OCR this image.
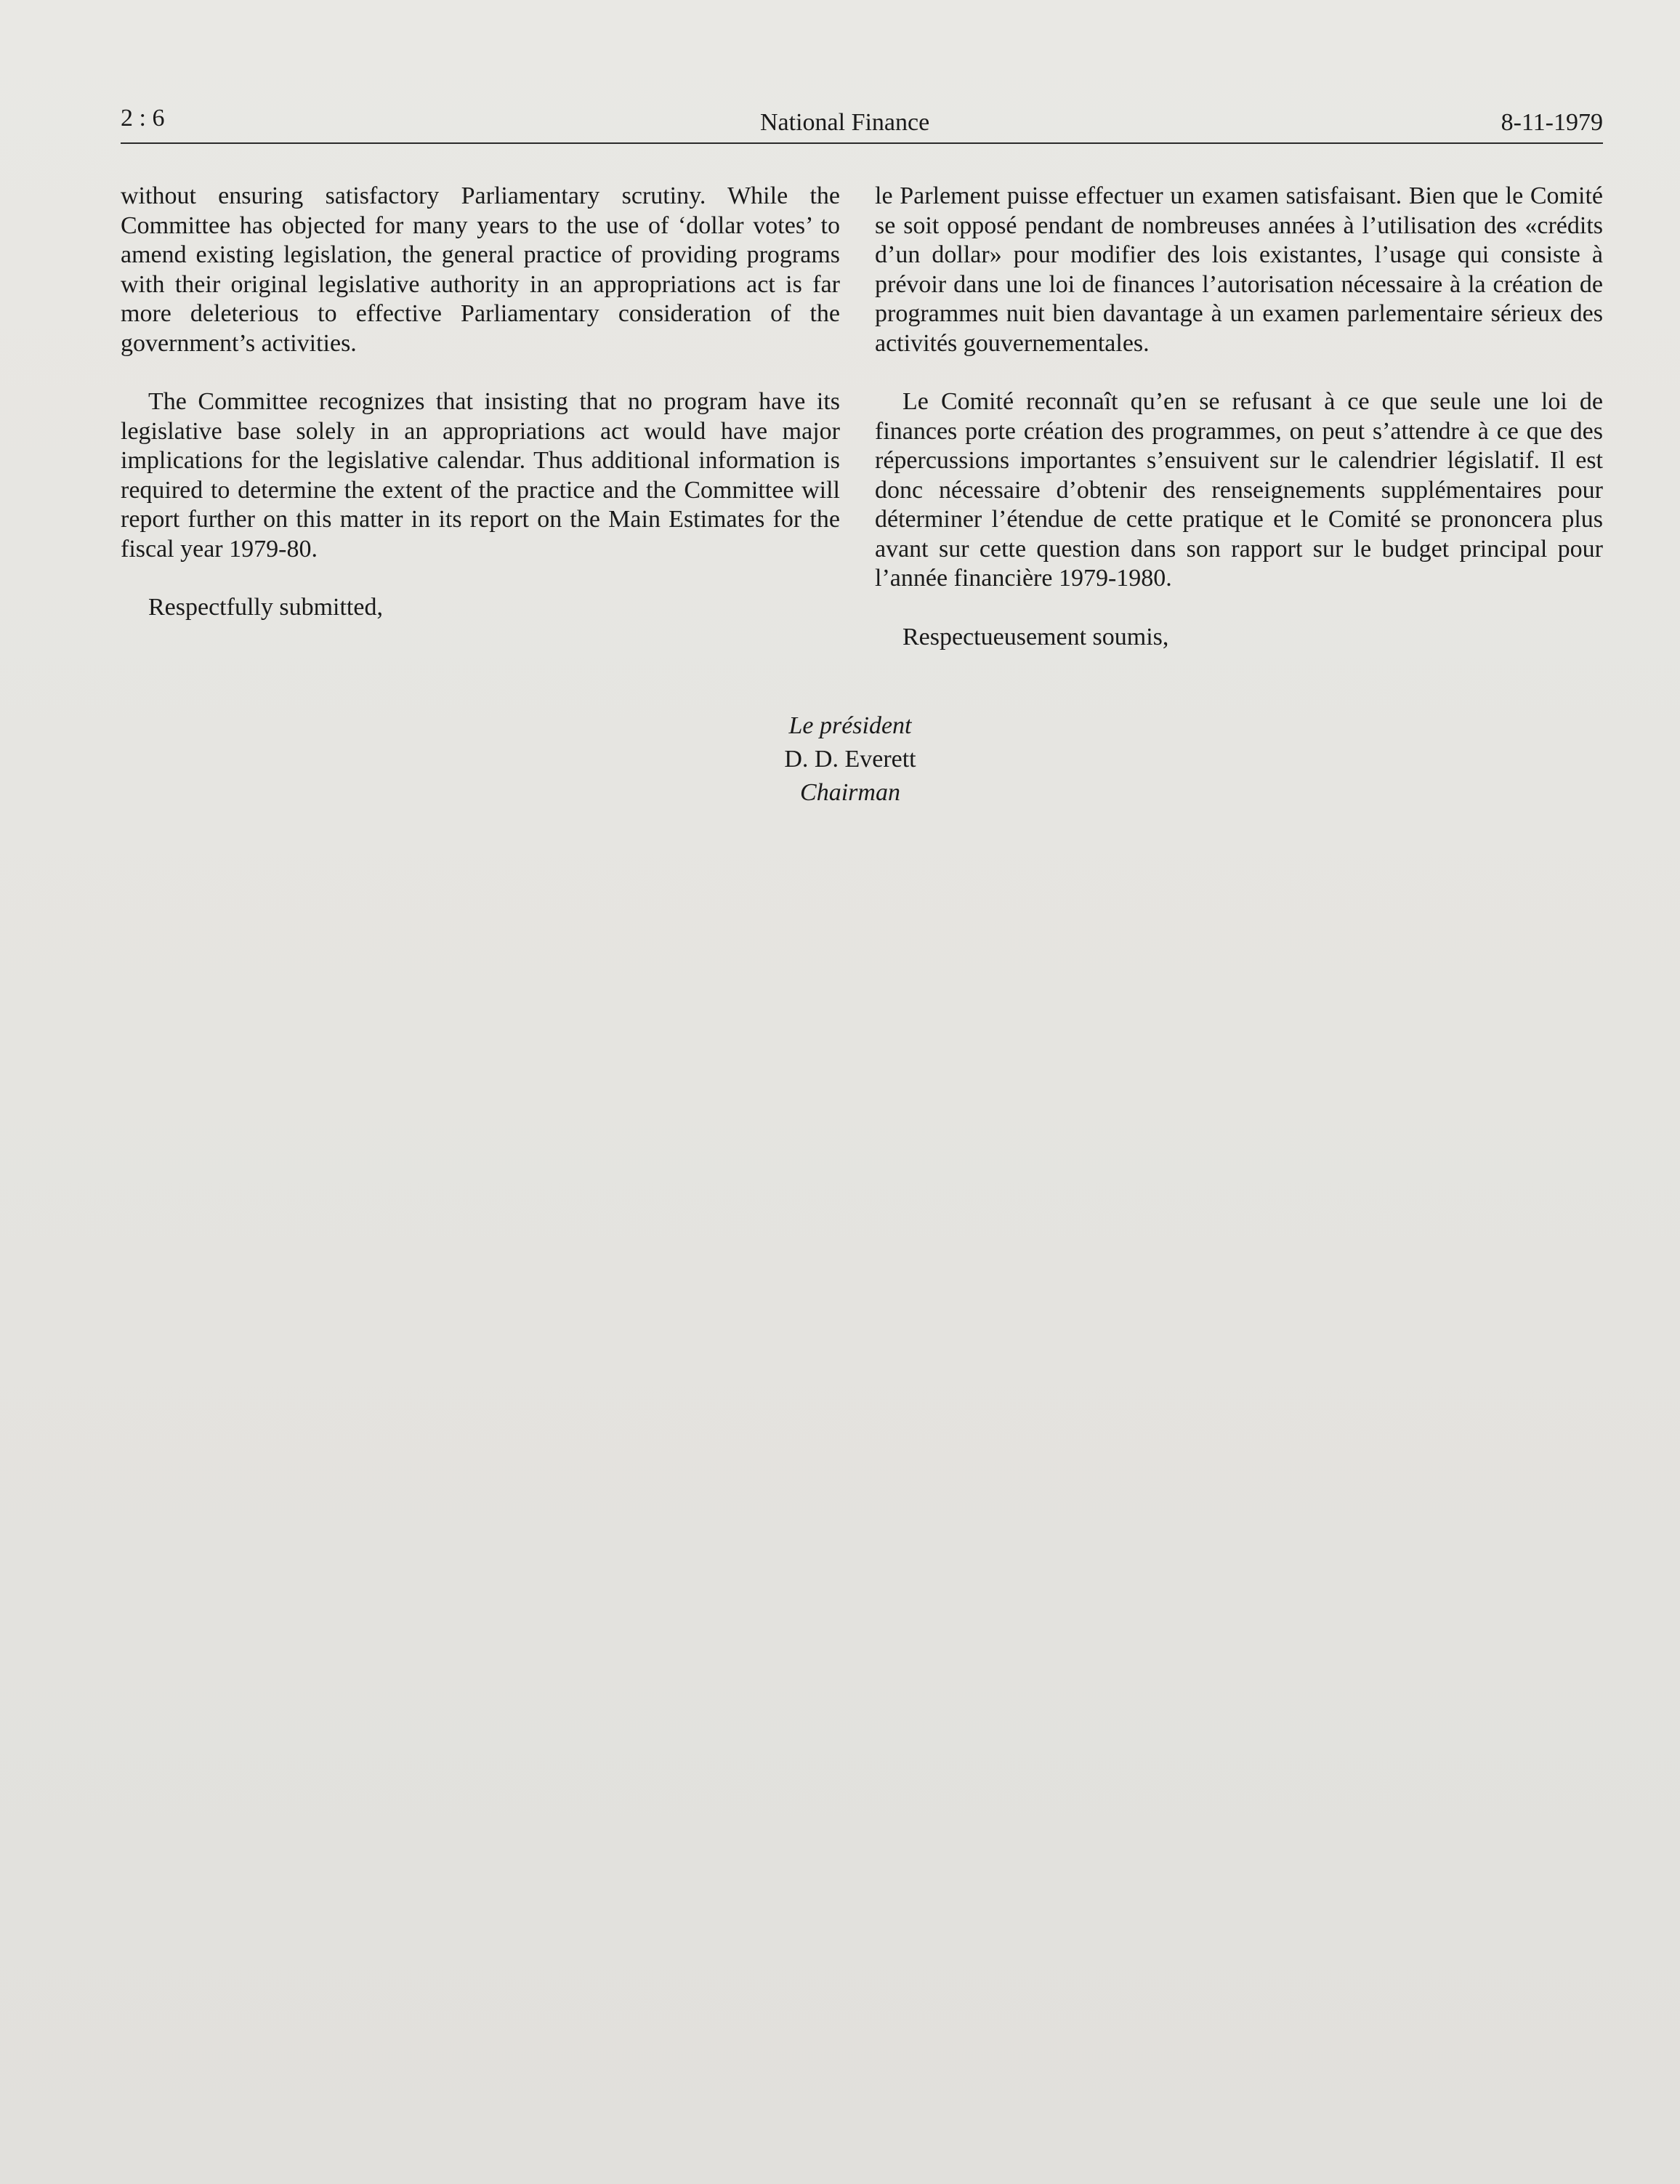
2 : 6	National Finance	8-11-1979

without ensuring satisfactory Parliamentary scrutiny. While the Committee has objected for many years to the use of ‘dollar votes’ to amend existing legislation, the general practice of providing programs with their original legislative authority in an appropriations act is far more deleterious to effective Parliamentary consideration of the government’s activities.

The Committee recognizes that insisting that no program have its legislative base solely in an appropriations act would have major implications for the legislative calendar. Thus additional information is required to determine the extent of the practice and the Committee will report further on this matter in its report on the Main Estimates for the fiscal year 1979-80.

Respectfully submitted,

le Parlement puisse effectuer un examen satisfaisant. Bien que le Comité se soit opposé pendant de nombreuses années à l’utilisation des «crédits d’un dollar» pour modifier des lois existantes, l’usage qui consiste à prévoir dans une loi de finances l’autorisation nécessaire à la création de programmes nuit bien davantage à un examen parlementaire sérieux des activités gouvernementales.

Le Comité reconnaît qu’en se refusant à ce que seule une loi de finances porte création des programmes, on peut s’attendre à ce que des répercussions importantes s’ensuivent sur le calendrier législatif. Il est donc nécessaire d’obtenir des renseignements supplémentaires pour déterminer l’étendue de cette pratique et le Comité se prononcera plus avant sur cette question dans son rapport sur le budget principal pour l’année financière 1979-1980.

Respectueusement soumis,

Le président
D. D. Everett
Chairman
